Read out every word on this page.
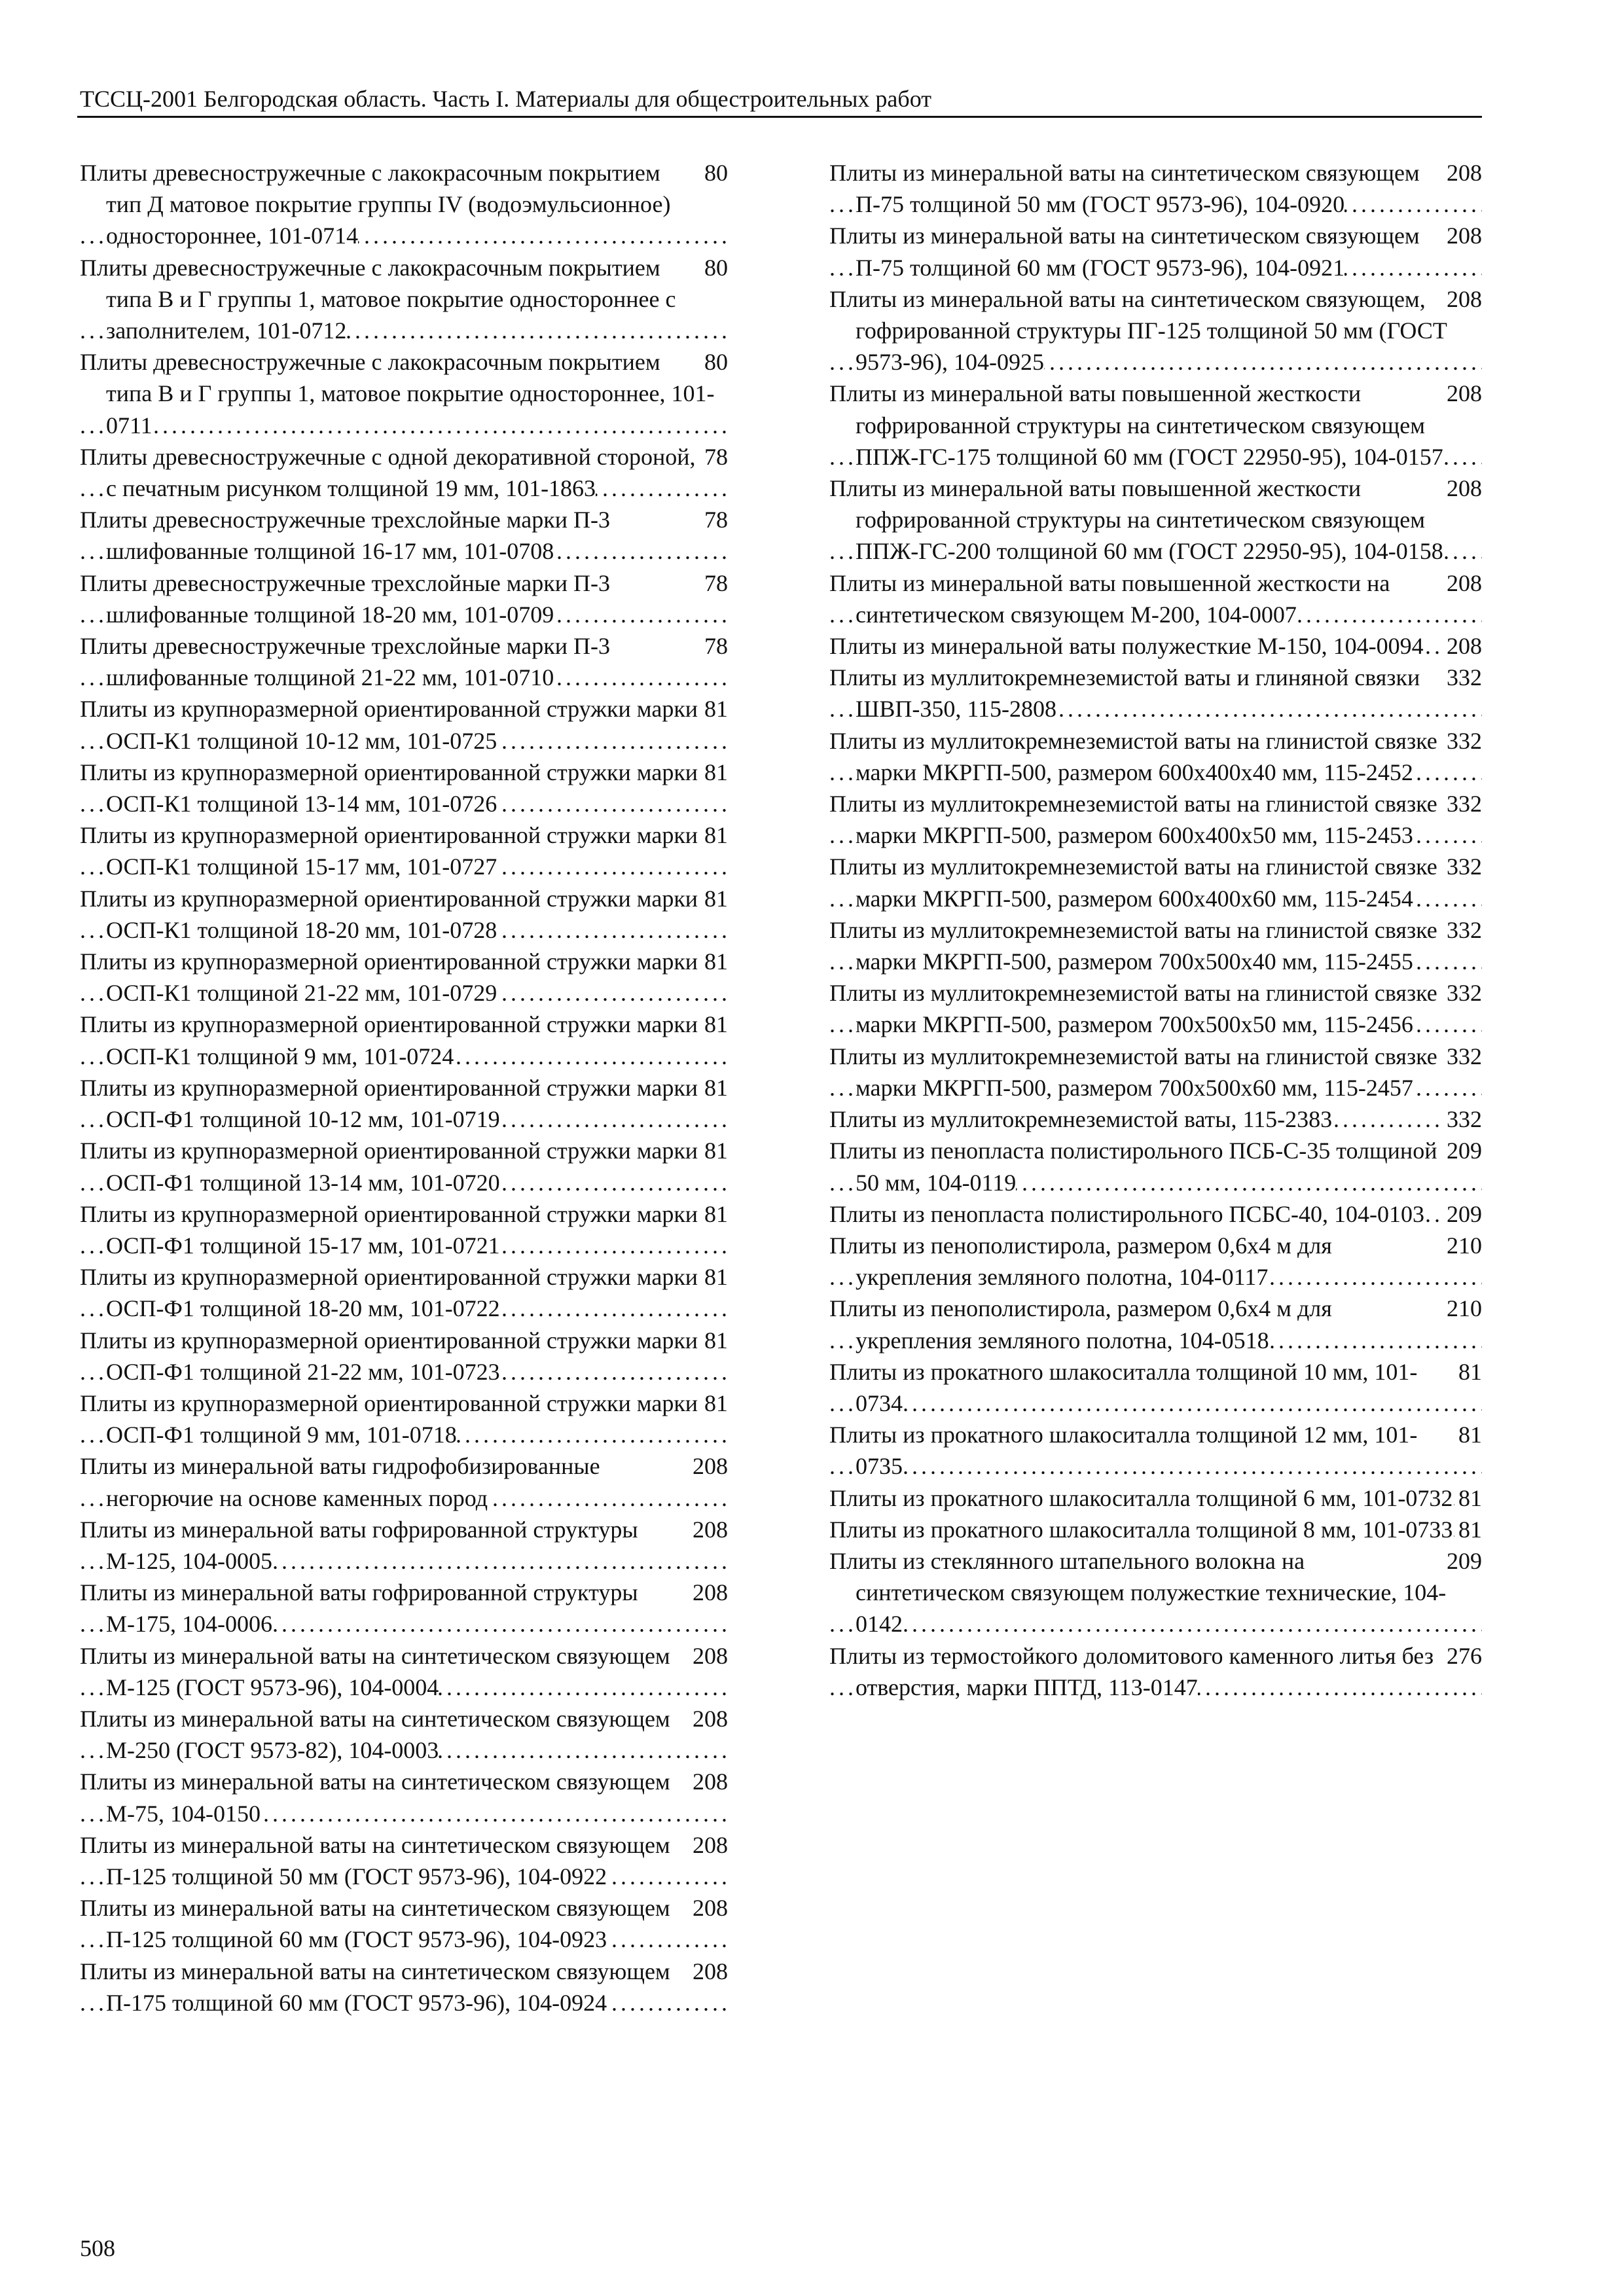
ТССЦ-2001 Белгородская область. Часть I. Материалы для общестроительных работ
. . .
80
Плиты древесностружечные с лакокрасочным покрытием тип Д матовое покрытие группы IV (водоэмульсионное) одностороннее, 101-0714
. . .
80
Плиты древесностружечные с лакокрасочным покрытием типа В и Г группы 1, матовое покрытие одностороннее с заполнителем, 101-0712
. . .
80
Плиты древесностружечные с лакокрасочным покрытием типа В и Г группы 1, матовое покрытие одностороннее, 101-0711
. . .
78
Плиты древесностружечные с одной декоративной стороной, с печатным рисунком толщиной 19 мм, 101-1863
. . .
78
Плиты древесностружечные трехслойные марки П-3 шлифованные толщиной 16-17 мм, 101-0708
. . .
78
Плиты древесностружечные трехслойные марки П-3 шлифованные толщиной 18-20 мм, 101-0709
. . .
78
Плиты древесностружечные трехслойные марки П-3 шлифованные толщиной 21-22 мм, 101-0710
. . .
81
Плиты из крупноразмерной ориентированной стружки марки ОСП-К1 толщиной 10-12 мм, 101-0725
. . .
81
Плиты из крупноразмерной ориентированной стружки марки ОСП-К1 толщиной 13-14 мм, 101-0726
. . .
81
Плиты из крупноразмерной ориентированной стружки марки ОСП-К1 толщиной 15-17 мм, 101-0727
. . .
81
Плиты из крупноразмерной ориентированной стружки марки ОСП-К1 толщиной 18-20 мм, 101-0728
. . .
81
Плиты из крупноразмерной ориентированной стружки марки ОСП-К1 толщиной 21-22 мм, 101-0729
. . .
81
Плиты из крупноразмерной ориентированной стружки марки ОСП-К1 толщиной 9 мм, 101-0724
. . .
81
Плиты из крупноразмерной ориентированной стружки марки ОСП-Ф1 толщиной 10-12 мм, 101-0719
. . .
81
Плиты из крупноразмерной ориентированной стружки марки ОСП-Ф1 толщиной 13-14 мм, 101-0720
. . .
81
Плиты из крупноразмерной ориентированной стружки марки ОСП-Ф1 толщиной 15-17 мм, 101-0721
. . .
81
Плиты из крупноразмерной ориентированной стружки марки ОСП-Ф1 толщиной 18-20 мм, 101-0722
. . .
81
Плиты из крупноразмерной ориентированной стружки марки ОСП-Ф1 толщиной 21-22 мм, 101-0723
. . .
81
Плиты из крупноразмерной ориентированной стружки марки ОСП-Ф1 толщиной 9 мм, 101-0718
. . .
208
Плиты из минеральной ваты гидрофобизированные негорючие на основе каменных пород
. . .
208
Плиты из минеральной ваты гофрированной структуры М-125, 104-0005
. . .
208
Плиты из минеральной ваты гофрированной структуры М-175, 104-0006
. . .
208
Плиты из минеральной ваты на синтетическом связующем М-125 (ГОСТ 9573-96), 104-0004
. . .
208
Плиты из минеральной ваты на синтетическом связующем М-250 (ГОСТ 9573-82), 104-0003
. . .
208
Плиты из минеральной ваты на синтетическом связующем М-75, 104-0150
. . .
208
Плиты из минеральной ваты на синтетическом связующем П-125 толщиной 50 мм (ГОСТ 9573-96), 104-0922
. . .
208
Плиты из минеральной ваты на синтетическом связующем П-125 толщиной 60 мм (ГОСТ 9573-96), 104-0923
. . .
208
Плиты из минеральной ваты на синтетическом связующем П-175 толщиной 60 мм (ГОСТ 9573-96), 104-0924
. . .
208
Плиты из минеральной ваты на синтетическом связующем П-75 толщиной 50 мм (ГОСТ 9573-96), 104-0920
. . .
208
Плиты из минеральной ваты на синтетическом связующем П-75 толщиной 60 мм (ГОСТ 9573-96), 104-0921
. . .
208
Плиты из минеральной ваты на синтетическом связующем, гофрированной структуры ПГ-125 толщиной 50 мм (ГОСТ 9573-96), 104-0925
. . .
208
Плиты из минеральной ваты повышенной жесткости гофрированной структуры на синтетическом связующем ППЖ-ГС-175 толщиной 60 мм (ГОСТ 22950-95), 104-0157
. . .
208
Плиты из минеральной ваты повышенной жесткости гофрированной структуры на синтетическом связующем ППЖ-ГС-200 толщиной 60 мм (ГОСТ 22950-95), 104-0158
. . .
208
Плиты из минеральной ваты повышенной жесткости на синтетическом связующем М-200, 104-0007
. . .
208
Плиты из минеральной ваты полужесткие М-150, 104-0094
. . .
332
Плиты из муллитокремнеземистой ваты и глиняной связки ШВП-350, 115-2808
. . .
332
Плиты из муллитокремнеземистой ваты на глинистой связке марки МКРГП-500, размером 600х400х40 мм, 115-2452
. . .
332
Плиты из муллитокремнеземистой ваты на глинистой связке марки МКРГП-500, размером 600х400х50 мм, 115-2453
. . .
332
Плиты из муллитокремнеземистой ваты на глинистой связке марки МКРГП-500, размером 600х400х60 мм, 115-2454
. . .
332
Плиты из муллитокремнеземистой ваты на глинистой связке марки МКРГП-500, размером 700х500х40 мм, 115-2455
. . .
332
Плиты из муллитокремнеземистой ваты на глинистой связке марки МКРГП-500, размером 700х500х50 мм, 115-2456
. . .
332
Плиты из муллитокремнеземистой ваты на глинистой связке марки МКРГП-500, размером 700х500х60 мм, 115-2457
. . .
332
Плиты из муллитокремнеземистой ваты, 115-2383
. . .
209
Плиты из пенопласта полистирольного ПСБ-С-35 толщиной 50 мм, 104-0119
. . .
209
Плиты из пенопласта полистирольного ПСБС-40, 104-0103
. . .
210
Плиты из пенополистирола, размером 0,6х4 м для укрепления земляного полотна, 104-0117
. . .
210
Плиты из пенополистирола, размером 0,6х4 м для укрепления земляного полотна, 104-0518
. . .
81
Плиты из прокатного шлакоситалла толщиной 10 мм, 101-0734
. . .
81
Плиты из прокатного шлакоситалла толщиной 12 мм, 101-0735
. . .
81
Плиты из прокатного шлакоситалла толщиной 6 мм, 101-0732
. . .
81
Плиты из прокатного шлакоситалла толщиной 8 мм, 101-0733
. . .
209
Плиты из стеклянного штапельного волокна на синтетическом связующем полужесткие технические, 104-0142
. . .
276
Плиты из термостойкого доломитового каменного литья без отверстия, марки ППТД, 113-0147
508
